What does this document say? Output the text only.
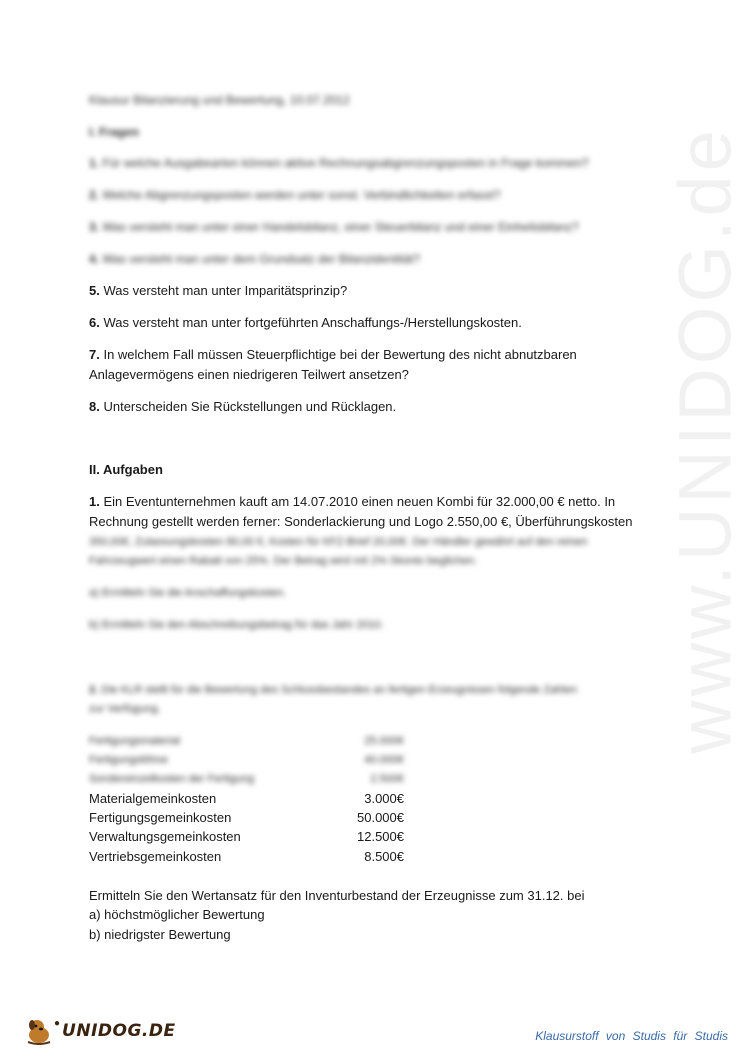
www.UNIDOG.de
Klausur Bilanzierung und Bewertung, 10.07.2012
I. Fragen
1. Für welche Ausgabearten können aktive Rechnungsabgrenzungsposten in Frage kommen?
2. Welche Abgrenzungsposten werden unter sonst. Verbindlichkeiten erfasst?
3. Was versteht man unter einer Handelsbilanz, einer Steuerbilanz und einer Einheitsbilanz?
4. Was versteht man unter dem Grundsatz der Bilanzidentität?
5. Was versteht man unter Imparitätsprinzip?
6. Was versteht man unter fortgeführten Anschaffungs-/Herstellungskosten.
7. In welchem Fall müssen Steuerpflichtige bei der Bewertung des nicht abnutzbaren
Anlagevermögens einen niedrigeren Teilwert ansetzen?
8. Unterscheiden Sie Rückstellungen und Rücklagen.
II. Aufgaben
1. Ein Eventunternehmen kauft am 14.07.2010 einen neuen Kombi für 32.000,00 € netto. In
Rechnung gestellt werden ferner: Sonderlackierung und Logo 2.550,00 €, Überführungskosten
350,00€, Zulassungskosten 80,00 €, Kosten für KFZ-Brief 20,00€. Der Händler gewährt auf den reinen
Fahrzeugwert einen Rabatt von 25%. Der Betrag wird mit 2% Skonto beglichen.
a) Ermitteln Sie die Anschaffungskosten.
b) Ermitteln Sie den Abschreibungsbetrag für das Jahr 2010.
2. Die KLR stellt für die Bewertung des Schlussbestandes an fertigen Erzeugnissen folgende Zahlen
zur Verfügung.
Fertigungsmaterial	25.000€
Fertigungslöhne	40.000€
Sondereinzelkosten der Fertigung	2.500€
Materialgemeinkosten	3.000€
Fertigungsgemeinkosten	50.000€
Verwaltungsgemeinkosten	12.500€
Vertriebsgemeinkosten	8.500€
Ermitteln Sie den Wertansatz für den Inventurbestand der Erzeugnisse zum 31.12. bei
a) höchstmöglicher Bewertung
b) niedrigster Bewertung
● UNIDOG.DE	Klausurstoff von Studis für Studis
